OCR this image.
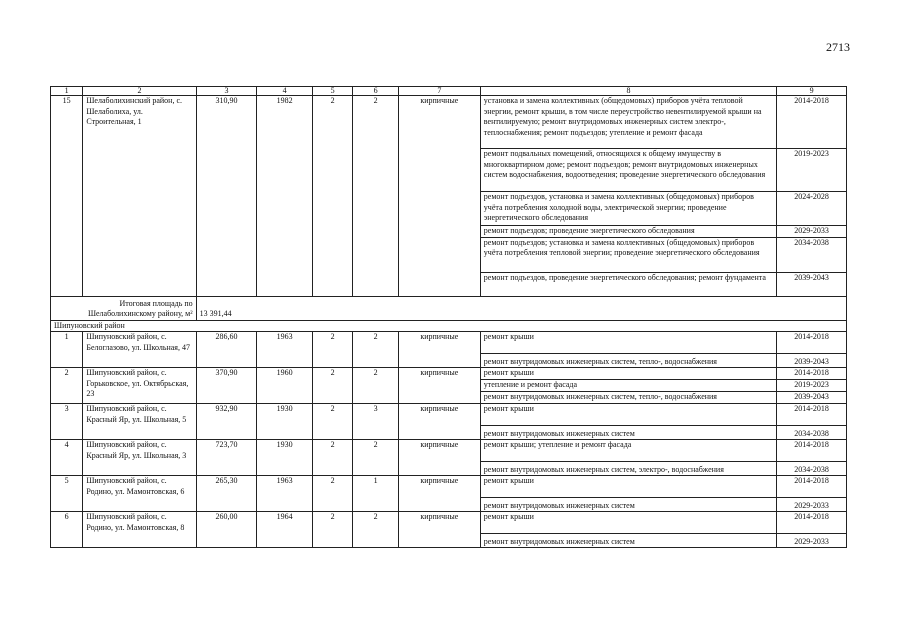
2713
1	2	3	4	5	6	7	8	9
15	Шелаболихинский район, с. Шелаболиха, ул. Строительная, 1	310,90	1982	2	2	кирпичные	установка и замена коллективных (общедомовых) приборов учёта тепловой энергии, ремонт крыши, в том числе переустройство невентилируемой крыши на вентилируемую; ремонт внутридомовых инженерных систем электро-, теплоснабжения; ремонт подъездов; утепление и ремонт фасада	2014-2018
							ремонт подвальных помещений, относящихся к общему имуществу в многоквартирном доме; ремонт подъездов; ремонт внутридомовых инженерных систем водоснабжения, водоотведения; проведение энергетического обследования	2019-2023
							ремонт подъездов, установка и замена коллективных (общедомовых) приборов учёта потребления холодной воды, электрической энергии; проведение энергетического обследования	2024-2028
							ремонт подъездов; проведение энергетического обследования	2029-2033
							ремонт подъездов; установка и замена коллективных (общедомовых) приборов учёта потребления тепловой энергии; проведение энергетического обследования	2034-2038
							ремонт подъездов, проведение энергетического обследования; ремонт фундамента	2039-2043
Итоговая площадь по Шелаболихинскому району, м²		13 391,44						
Шипуновский район								
1	Шипуновский район, с. Белоглазово, ул. Школьная, 47	286,60	1963	2	2	кирпичные	ремонт крыши	2014-2018
							ремонт внутридомовых инженерных систем, тепло-, водоснабжения	2039-2043
2	Шипуновский район, с. Горьковское, ул. Октябрьская, 23	370,90	1960	2	2	кирпичные	ремонт крыши	2014-2018
							утепление и ремонт фасада	2019-2023
							ремонт внутридомовых инженерных систем, тепло-, водоснабжения	2039-2043
3	Шипуновский район, с. Красный Яр, ул. Школьная, 5	932,90	1930	2	3	кирпичные	ремонт крыши	2014-2018
							ремонт внутридомовых инженерных систем	2034-2038
4	Шипуновский район, с. Красный Яр, ул. Школьная, 3	723,70	1930	2	2	кирпичные	ремонт крыши; утепление и ремонт фасада	2014-2018
							ремонт внутридомовых инженерных систем, электро-, водоснабжения	2034-2038
5	Шипуновский район, с. Родино, ул. Мамонтовская, 6	265,30	1963	2	1	кирпичные	ремонт крыши	2014-2018
							ремонт внутридомовых инженерных систем	2029-2033
6	Шипуновский район, с. Родино, ул. Мамонтовская, 8	260,00	1964	2	2	кирпичные	ремонт крыши	2014-2018
							ремонт внутридомовых инженерных систем	2029-2033
